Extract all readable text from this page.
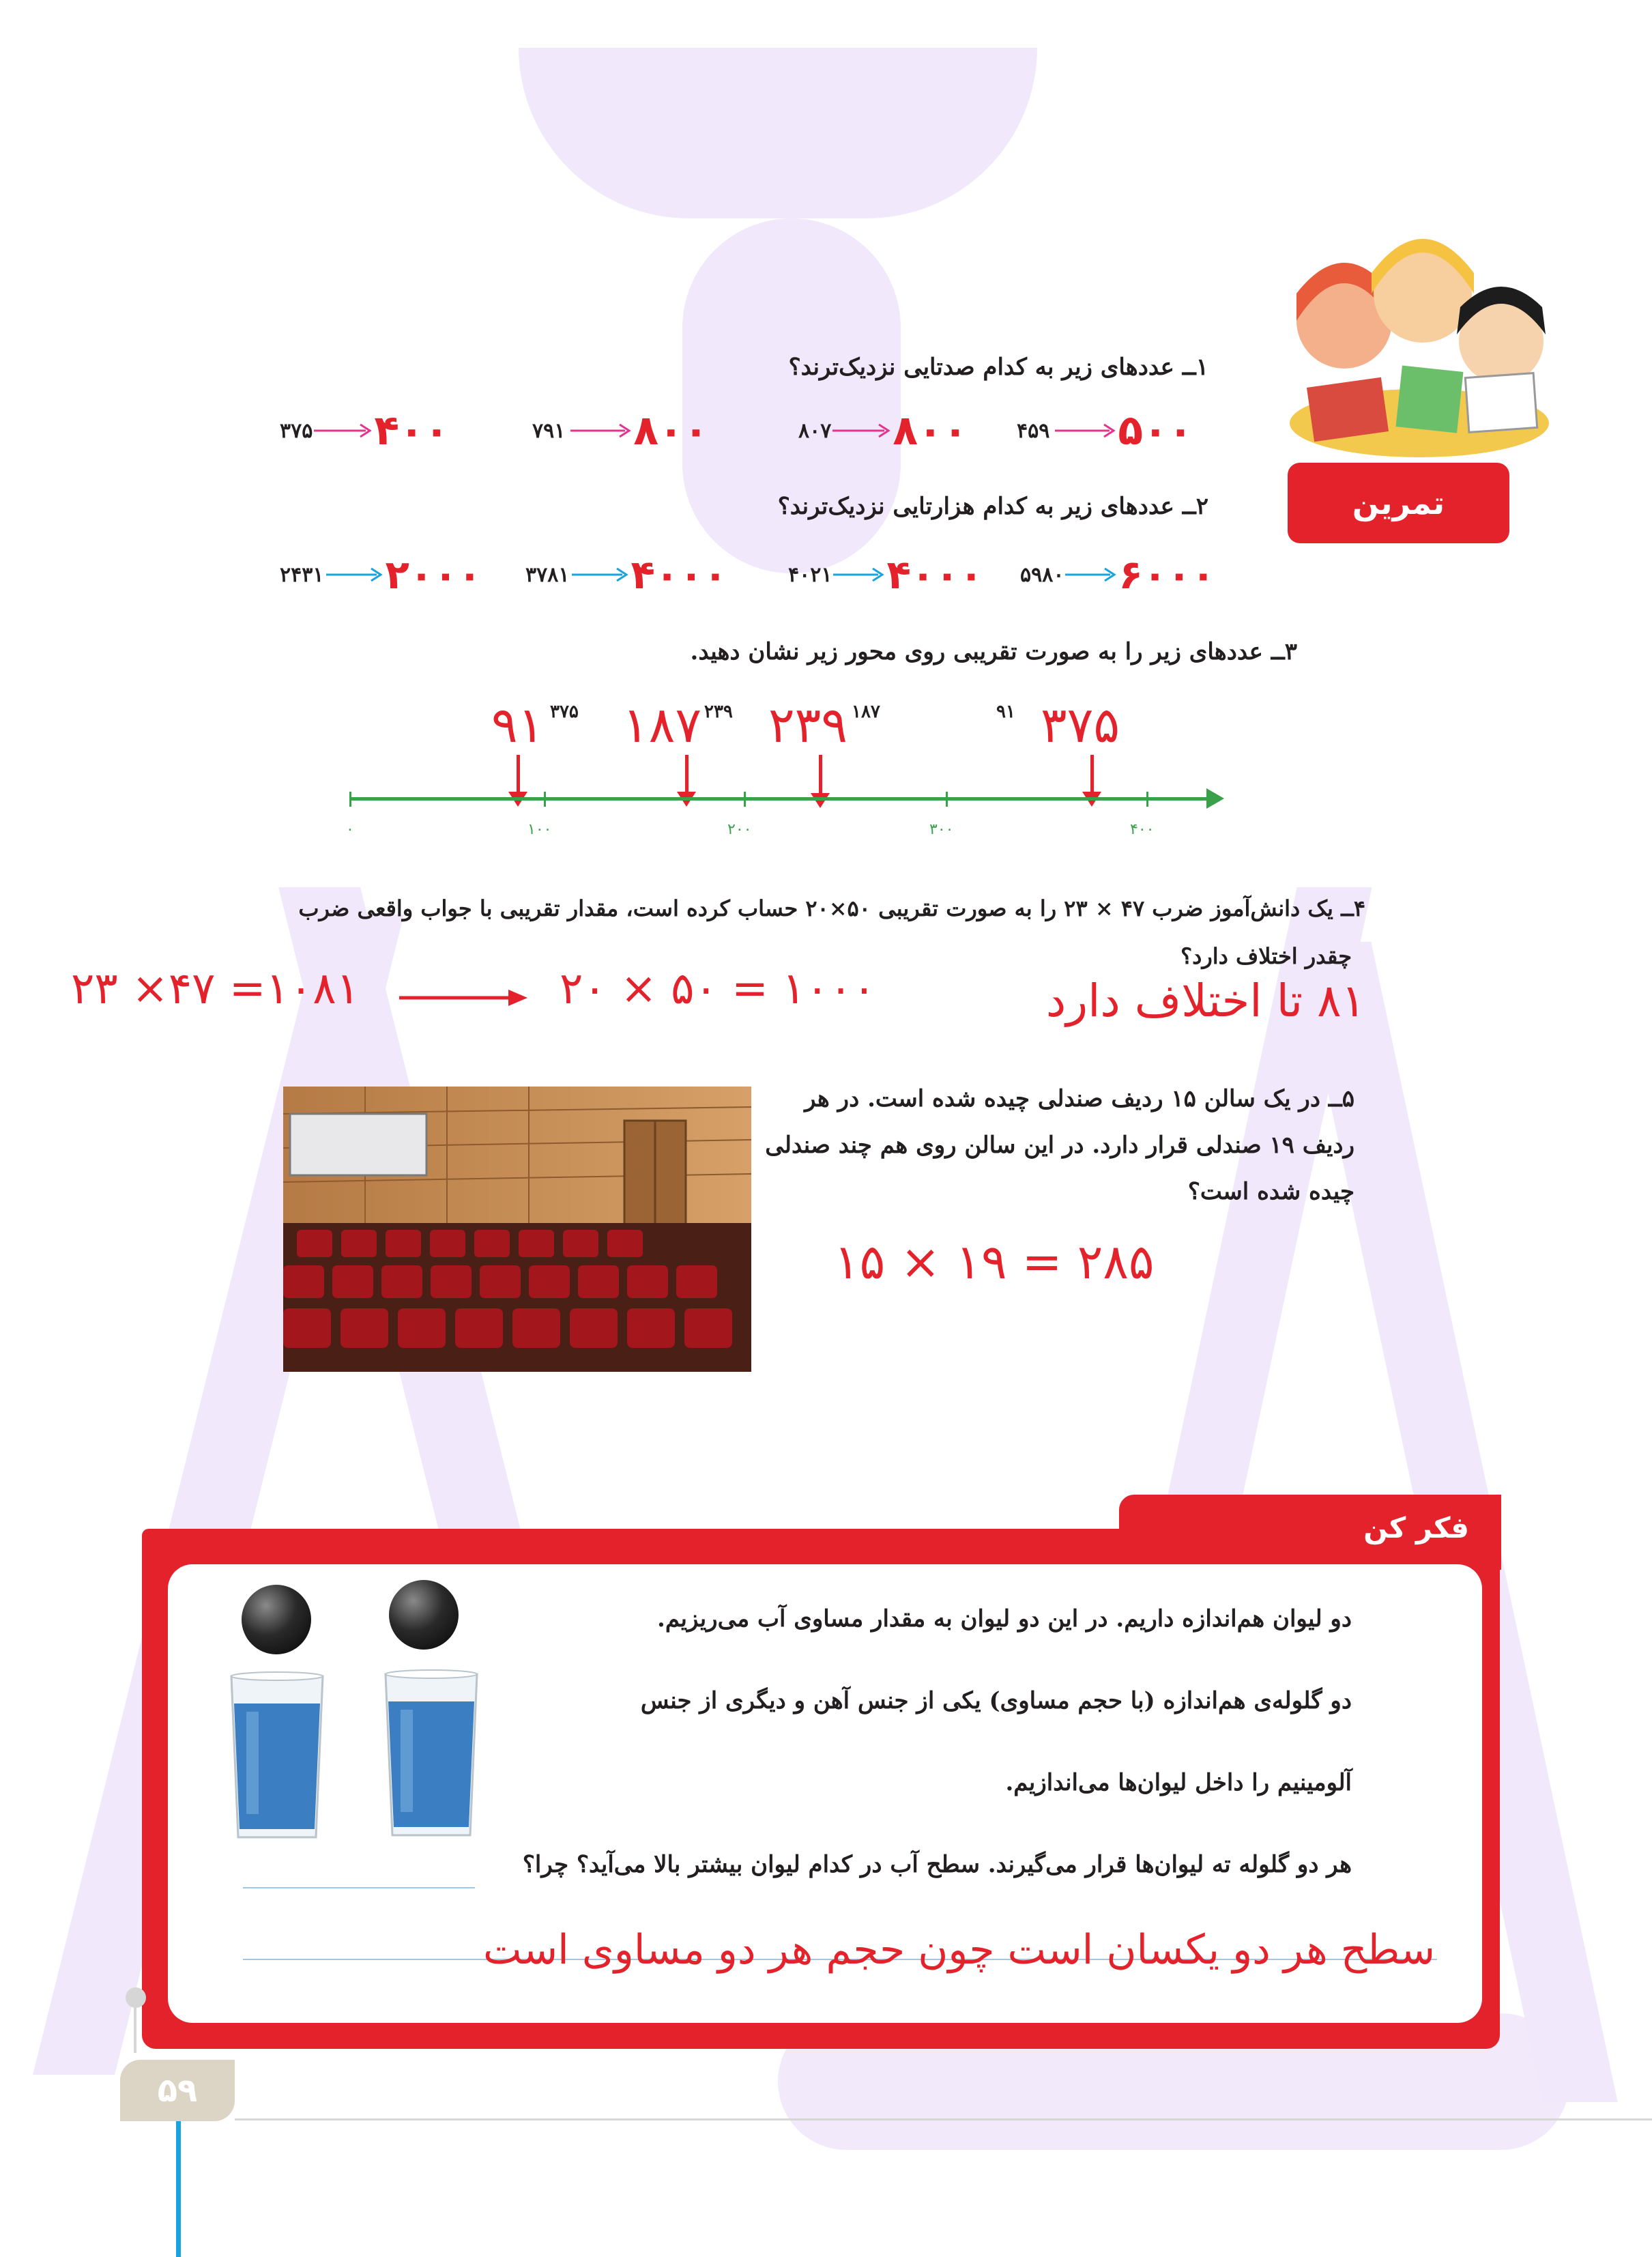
تمرین
۱ــ عددهای زیر به کدام صدتایی نزدیک‌ترند؟
۳۷۵ ۴۰۰	۷۹۱ ۸۰۰	۸۰۷ ۸۰۰ ۴۵۹ ۵۰۰
۲ــ عددهای زیر به کدام هزارتایی نزدیک‌ترند؟
۲۴۳۱ ۲۰۰۰ ۳۷۸۱ ۴۰۰۰	۴۰۲۱ ۴۰۰۰ ۵۹۸۰ ۶۰۰۰
۳ــ عددهای زیر را به صورت تقریبی روی محور زیر نشان دهید.
۳۷۵	۲۳۹	۱۸۷	۹۱
۹۱ ۱۸۷ ۲۳۹	۳۷۵
۰	۱۰۰	۲۰۰	۳۰۰	۴۰۰
۴ــ یک دانش‌آموز ضرب ۴۷ × ۲۳ را به صورت تقریبی ۵۰×۲۰ حساب کرده است، مقدار تقریبی با جواب واقعی ضرب
چقدر اختلاف دارد؟
۲۳ ×۴۷ =۱۰۸۱	۲۰ × ۵۰ = ۱۰۰۰	۸۱ تا اختلاف دارد
۵ــ در یک سالن ۱۵ ردیف صندلی چیده شده است. در هر
ردیف ۱۹ صندلی قرار دارد. در این سالن روی هم چند صندلی
چیده شده است؟
۱۵ × ۱۹ = ۲۸۵
فکر کن
دو لیوان هم‌اندازه داریم. در این دو لیوان به مقدار مساوی آب می‌ریزیم.
دو گلوله‌ی هم‌اندازه (با حجم مساوی) یکی از جنس آهن و دیگری از جنس
آلومینیم را داخل لیوان‌ها می‌اندازیم.
هر دو گلوله ته لیوان‌ها قرار می‌گیرند. سطح آب در کدام لیوان بیشتر بالا می‌آید؟ چرا؟
سطح هر دو یکسان است چون حجم هر دو مساوی است
۵۹
